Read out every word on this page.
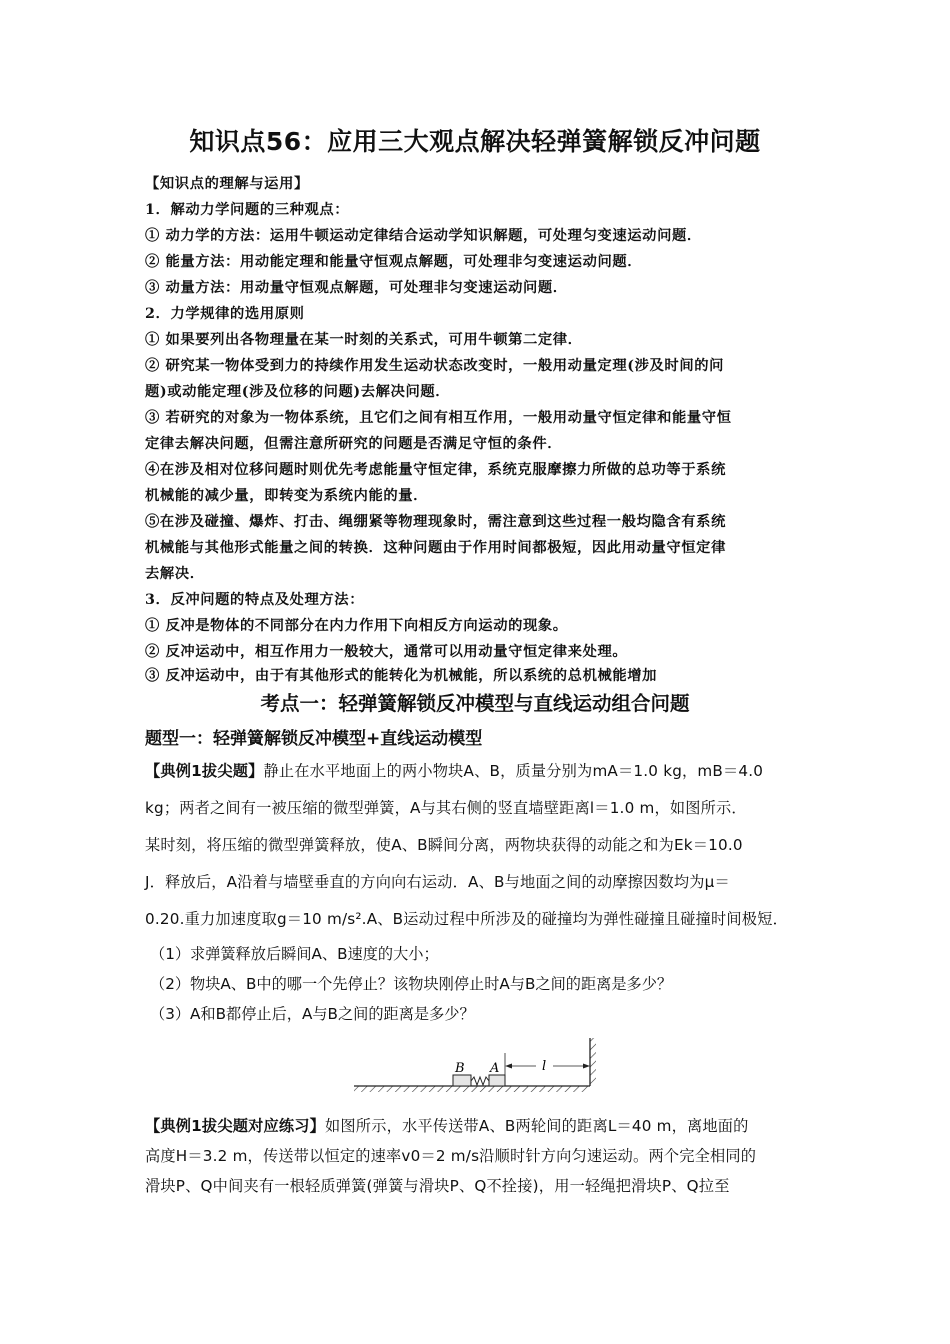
知识点56：应用三大观点解决轻弹簧解锁反冲问题
【知识点的理解与运用】
1．解动力学问题的三种观点：
① 动力学的方法：运用牛顿运动定律结合运动学知识解题，可处理匀变速运动问题．
② 能量方法：用动能定理和能量守恒观点解题，可处理非匀变速运动问题．
③ 动量方法：用动量守恒观点解题，可处理非匀变速运动问题．
2．力学规律的选用原则
① 如果要列出各物理量在某一时刻的关系式，可用牛顿第二定律．
② 研究某一物体受到力的持续作用发生运动状态改变时，一般用动量定理(涉及时间的问
题)或动能定理(涉及位移的问题)去解决问题．
③ 若研究的对象为一物体系统，且它们之间有相互作用，一般用动量守恒定律和能量守恒
定律去解决问题，但需注意所研究的问题是否满足守恒的条件．
④在涉及相对位移问题时则优先考虑能量守恒定律，系统克服摩擦力所做的总功等于系统
机械能的减少量，即转变为系统内能的量．
⑤在涉及碰撞、爆炸、打击、绳绷紧等物理现象时，需注意到这些过程一般均隐含有系统
机械能与其他形式能量之间的转换．这种问题由于作用时间都极短，因此用动量守恒定律
去解决．
3．反冲问题的特点及处理方法：
① 反冲是物体的不同部分在内力作用下向相反方向运动的现象。
② 反冲运动中，相互作用力一般较大，通常可以用动量守恒定律来处理。
③ 反冲运动中，由于有其他形式的能转化为机械能，所以系统的总机械能增加
考点一：轻弹簧解锁反冲模型与直线运动组合问题
题型一：轻弹簧解锁反冲模型+直线运动模型
【典例1拔尖题】静止在水平地面上的两小物块A、B，质量分别为mA＝1.0 kg，mB＝4.0
kg；两者之间有一被压缩的微型弹簧，A与其右侧的竖直墙壁距离l＝1.0 m，如图所示．
某时刻，将压缩的微型弹簧释放，使A、B瞬间分离，两物块获得的动能之和为Ek＝10.0
J．释放后，A沿着与墙壁垂直的方向向右运动．A、B与地面之间的动摩擦因数均为μ＝
0.20.重力加速度取g＝10 m/s².A、B运动过程中所涉及的碰撞均为弹性碰撞且碰撞时间极短．
（1）求弹簧释放后瞬间A、B速度的大小；
（2）物块A、B中的哪一个先停止？该物块刚停止时A与B之间的距离是多少？
（3）A和B都停止后，A与B之间的距离是多少？
B A	l
【典例1拔尖题对应练习】如图所示，水平传送带A、B两轮间的距离L＝40 m，离地面的
高度H＝3.2 m，传送带以恒定的速率v0＝2 m/s沿顺时针方向匀速运动。两个完全相同的
滑块P、Q中间夹有一根轻质弹簧(弹簧与滑块P、Q不拴接)，用一轻绳把滑块P、Q拉至
